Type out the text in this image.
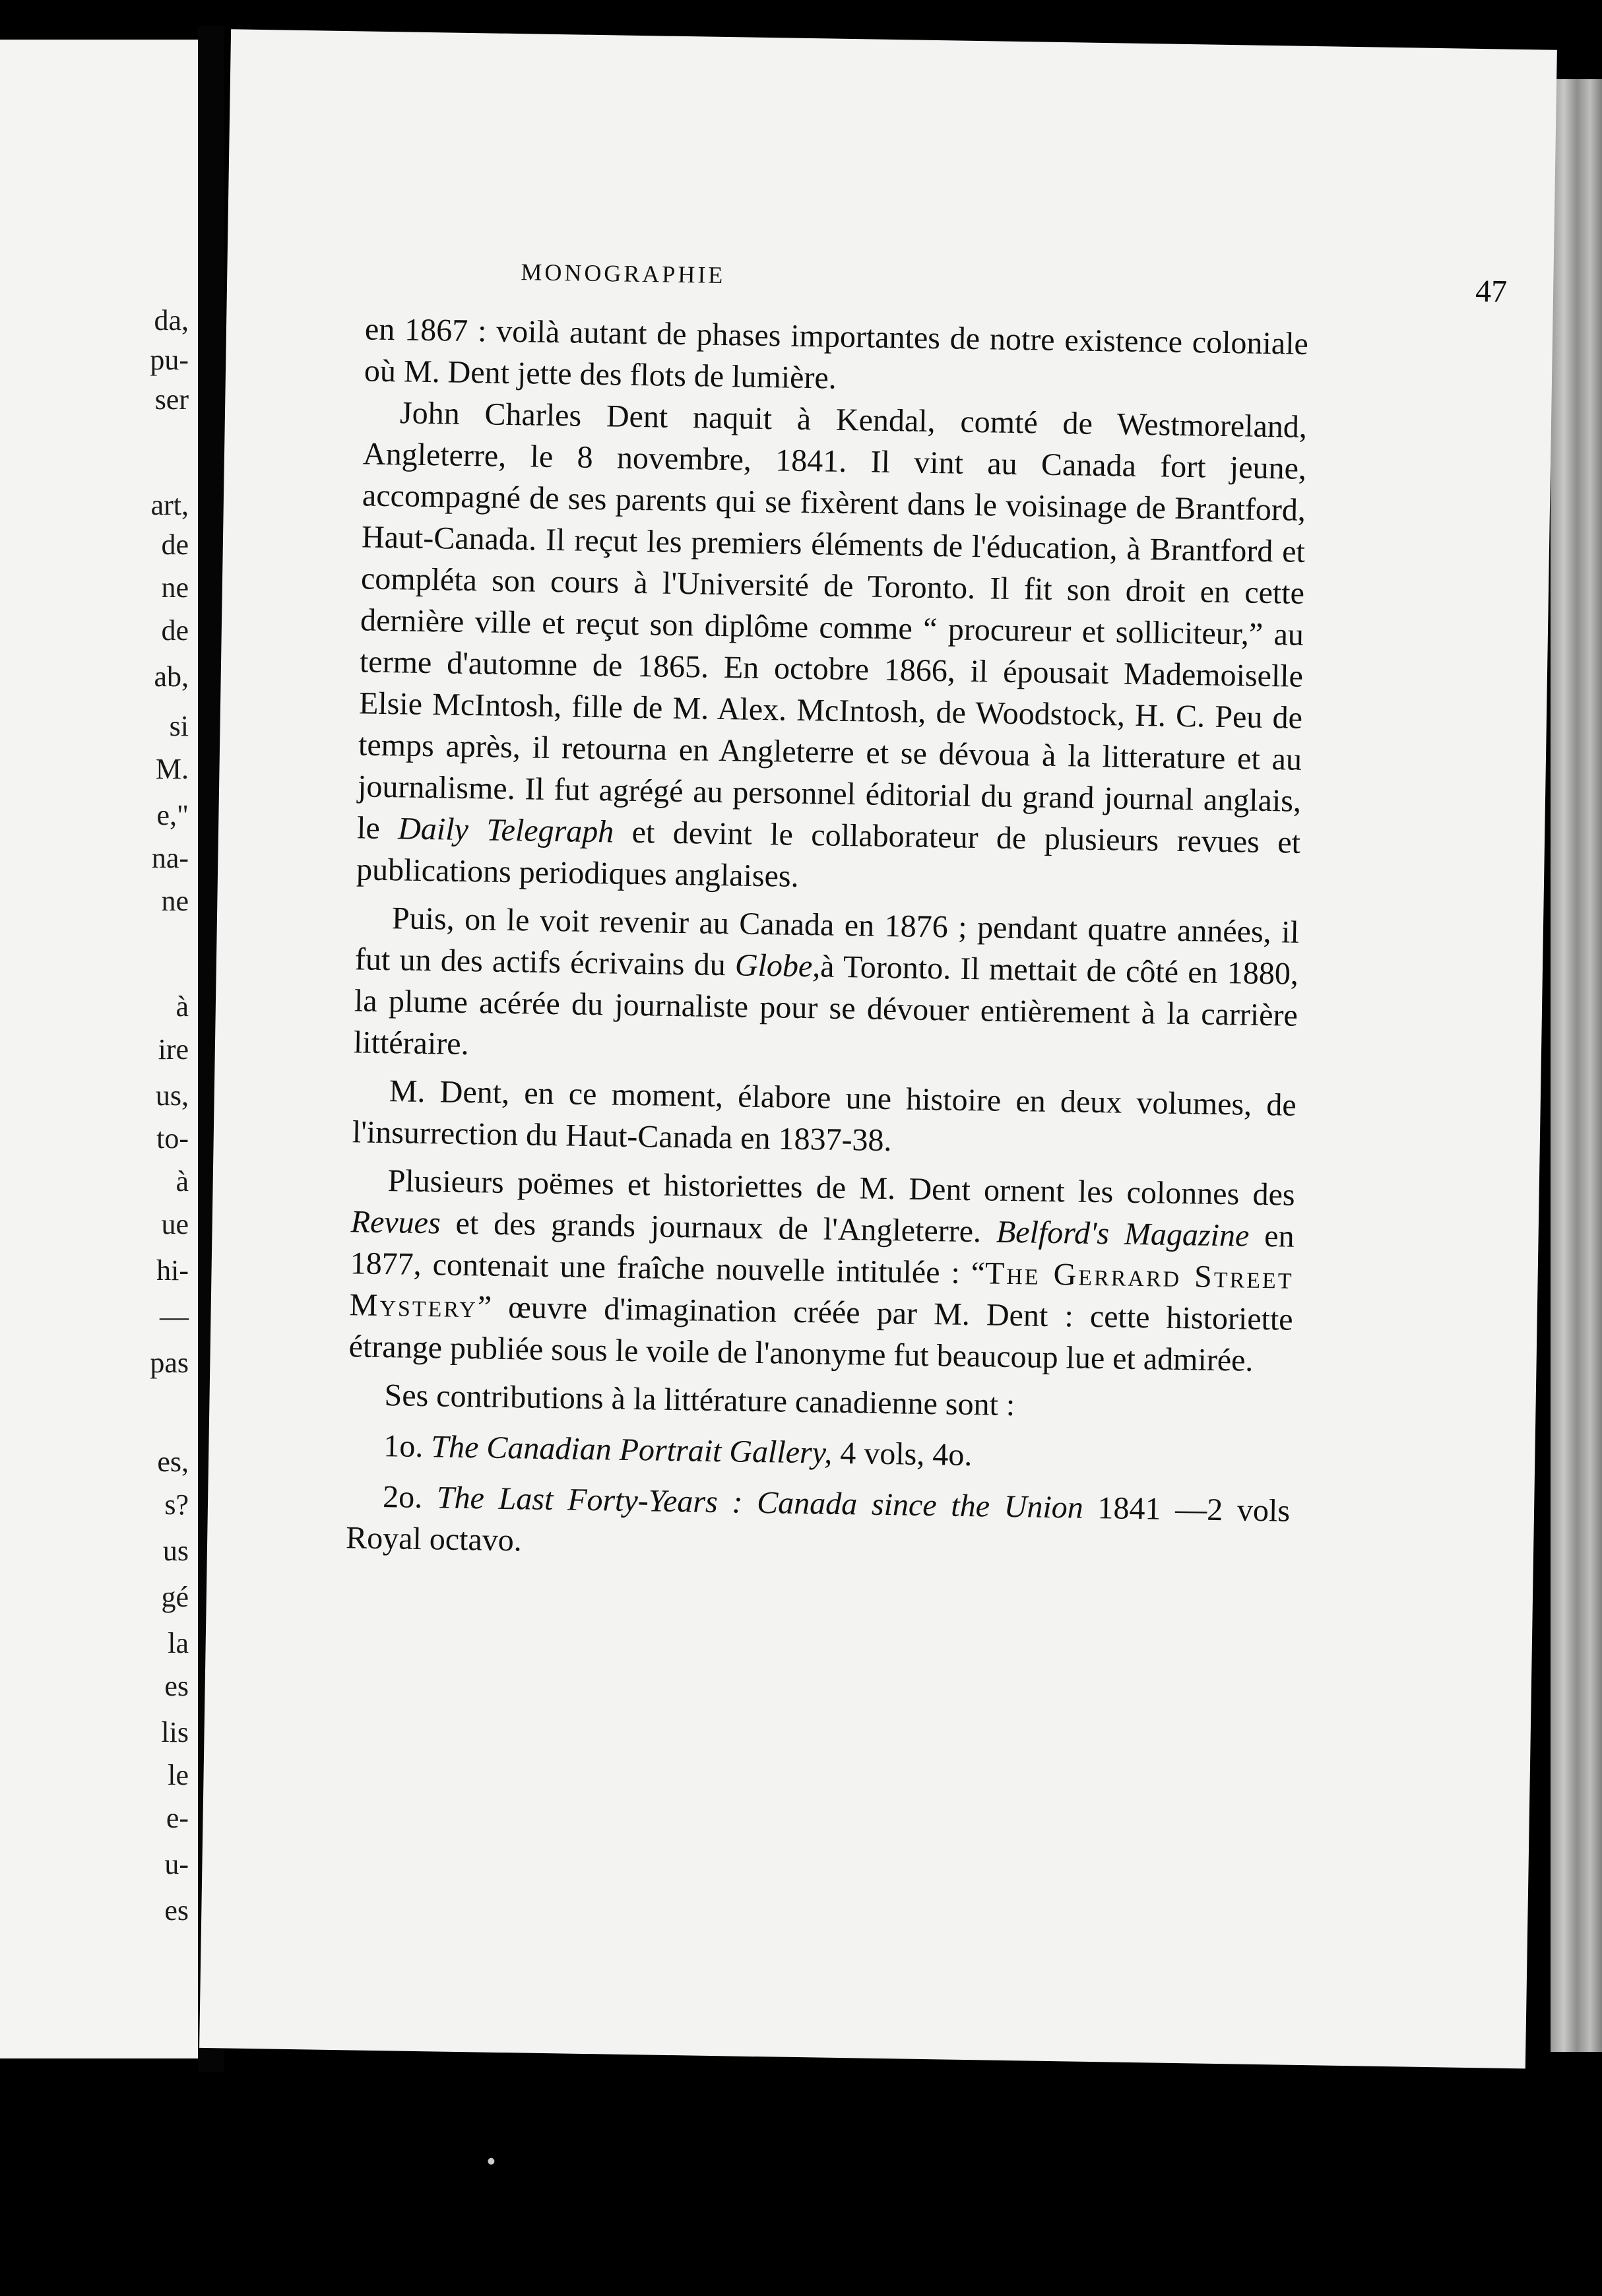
da,
pu-
ser
art,
de
ne
de
ab,
si
M.
e,"
na-
ne
à
ire
us,
to-
à
ue
hi-
—
pas
es,
s?
us
gé
la
es
lis
le
e-
u-
es
MONOGRAPHIE
47

en 1867 : voilà autant de phases importantes de notre existence coloniale où M. Dent jette des flots de lumière.

John Charles Dent naquit à Kendal, comté de Westmoreland, Angleterre, le 8 novembre, 1841. Il vint au Canada fort jeune, accompagné de ses parents qui se fixèrent dans le voisinage de Brantford, Haut-Canada. Il reçut les premiers éléments de l'éducation, à Brantford et compléta son cours à l'Université de Toronto. Il fit son droit en cette dernière ville et reçut son diplôme comme “ procureur et solliciteur,” au terme d'automne de 1865. En octobre 1866, il épousait Mademoiselle Elsie McIntosh, fille de M. Alex. McIntosh, de Woodstock, H. C. Peu de temps après, il retourna en Angleterre et se dévoua à la litterature et au journalisme. Il fut agrégé au personnel éditorial du grand journal anglais, le Daily Telegraph et devint le collaborateur de plusieurs revues et publications periodiques anglaises.

Puis, on le voit revenir au Canada en 1876 ; pendant quatre années, il fut un des actifs écrivains du Globe,à Toronto. Il mettait de côté en 1880, la plume acérée du journaliste pour se dévouer entièrement à la carrière littéraire.

M. Dent, en ce moment, élabore une histoire en deux volumes, de l'insurrection du Haut-Canada en 1837-38.

Plusieurs poëmes et historiettes de M. Dent ornent les colonnes des Revues et des grands journaux de l'Angleterre. Belford's Magazine en 1877, contenait une fraîche nouvelle intitulée : “The Gerrard Street Mystery” œuvre d'imagination créée par M. Dent : cette historiette étrange publiée sous le voile de l'anonyme fut beaucoup lue et admirée.

Ses contributions à la littérature canadienne sont :

1o. The Canadian Portrait Gallery, 4 vols, 4o.

2o. The Last Forty-Years : Canada since the Union 1841 —2 vols Royal octavo.
